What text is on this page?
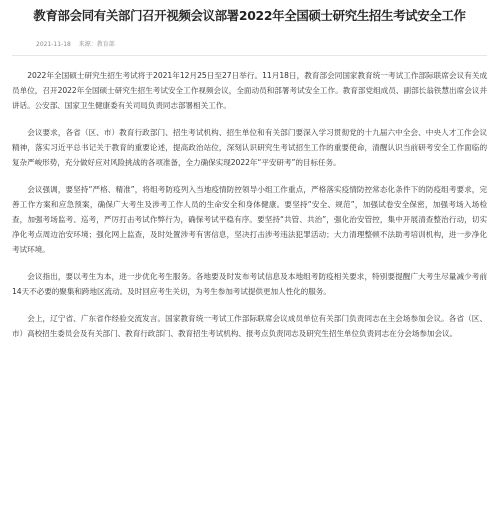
教育部会同有关部门召开视频会议部署2022年全国硕士研究生招生考试安全工作
2021-11-18 来源：教育部

2022年全国硕士研究生招生考试将于2021年12月25日至27日举行。11月18日，教育部会同国家教育统一考试工作部际联席会议有关成员单位，召开2022年全国硕士研究生招生考试安全工作视频会议，全面动员和部署考试安全工作。教育部党组成员、副部长翁铁慧出席会议并讲话。公安部、国家卫生健康委有关司局负责同志部署相关工作。

会议要求，各省（区、市）教育行政部门、招生考试机构、招生单位和有关部门要深入学习贯彻党的十九届六中全会、中央人才工作会议精神，落实习近平总书记关于教育的重要论述，提高政治站位，深刻认识研究生考试招生工作的重要使命，清醒认识当前研考安全工作面临的复杂严峻形势，充分做好应对风险挑战的各项准备，全力确保实现2022年“平安研考”的目标任务。

会议强调，要坚持“严格、精准”，将组考防疫列入当地疫情防控领导小组工作重点，严格落实疫情防控常态化条件下的防疫组考要求，完善工作方案和应急预案，确保广大考生及涉考工作人员的生命安全和身体健康。要坚持“安全、规范”，加强试卷安全保密，加强考场入场检查，加强考场监考、巡考，严厉打击考试作弊行为，确保考试平稳有序。要坚持“共管、共治”，强化治安管控，集中开展清查整治行动，切实净化考点周边治安环境；强化网上监查，及时处置涉考有害信息，坚决打击涉考违法犯罪活动；大力清理整顿不法助考培训机构，进一步净化考试环境。

会议指出，要以考生为本，进一步优化考生服务。各地要及时发布考试信息及本地组考防疫相关要求，特别要提醒广大考生尽量减少考前14天不必要的聚集和跨地区流动。及时回应考生关切，为考生参加考试提供更加人性化的服务。

会上，辽宁省、广东省作经验交流发言。国家教育统一考试工作部际联席会议成员单位有关部门负责同志在主会场参加会议。各省（区、市）高校招生委员会及有关部门、教育行政部门、教育招生考试机构、报考点负责同志及研究生招生单位负责同志在分会场参加会议。
